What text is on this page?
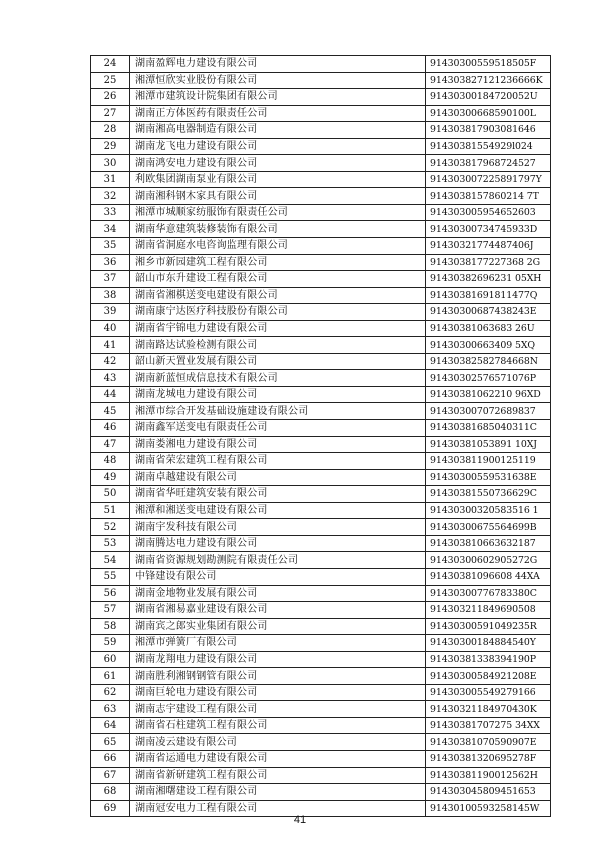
24	湖南盈辉电力建设有限公司	91430300559518505F
25	湘潭恒欣实业股份有限公司	914303827121236666K
26	湘潭市建筑设计院集团有限公司	91430300184720052U
27	湖南正方体医药有限责任公司	91430300668590100L
28	湖南湘高电器制造有限公司	914303817903081646
29	湖南龙飞电力建设有限公司	91430381554929l024
30	湖南鸿安电力建设有限公司	914303817968724527
31	利欧集团湖南泵业有限公司	914303007225891797Y
32	湖南湘科钢木家具有限公司	9143038157860214 7T
33	湘潭市城顺家纺服饰有限责任公司	914303005954652603
34	湖南华意建筑装修装饰有限公司	91430300734745933D
35	湖南省洞庭水电咨询监理有限公司	91430321774487406J
36	湘乡市新园建筑工程有限公司	9143038177227368 2G
37	韶山市东升建设工程有限公司	91430382696231 05XH
38	湖南省湘棋送变电建设有限公司	91430381691811477Q
39	湖南康宁达医疗科技股份有限公司	91430300687438243E
40	湖南省宇锦电力建设有限公司	91430381063683 26U
41	湖南路达试验检测有限公司	91430300663409 5XQ
42	韶山新天置业发展有限公司	91430382582784668N
43	湖南新蓝恒成信息技术有限公司	91430302576571076P
44	湖南龙城电力建设有限公司	91430381062210 96XD
45	湘潭市综合开发基础设施建设有限公司	914303007072689837
46	湖南鑫军送变电有限责任公司	91430381685040311C
47	湖南娄湘电力建设有限公司	91430381053891 10XJ
48	湖南省荣宏建筑工程有限公司	914303811900125119
49	湖南卓越建设有限公司	91430300559531638E
50	湖南省华旺建筑安装有限公司	91430381550736629C
51	湘潭和湘送变电建设有限公司	91430300320583516 1
52	湖南宇发科技有限公司	91430300675564699B
53	湖南腾达电力建设有限公司	914303810663632187
54	湖南省资源规划勘测院有限责任公司	91430300602905272G
55	中锋建设有限公司	91430381096608 44XA
56	湖南金地物业发展有限公司	91430300776783380C
57	湖南省湘易嘉业建设有限公司	914303211849690508
58	湖南宾之郎实业集团有限公司	91430300591049235R
59	湘潭市弹簧厂有限公司	91430300184884540Y
60	湖南龙翔电力建设有限公司	91430381338394190P
61	湖南胜利湘钢钢管有限公司	91430300584921208E
62	湖南巨轮电力建设有限公司	914303005549279166
63	湖南志宇建设工程有限公司	91430321184970430K
64	湖南省石柱建筑工程有限公司	91430381707275 34XX
65	湖南凌云建设有限公司	91430381070590907E
66	湖南省运通电力建设有限公司	91430381320695278F
67	湖南省新研建筑工程有限公司	91430381190012562H
68	湖南湘曙建设工程有限公司	914303045809451653
69	湖南冠安电力工程有限公司	91430100593258145W
41
